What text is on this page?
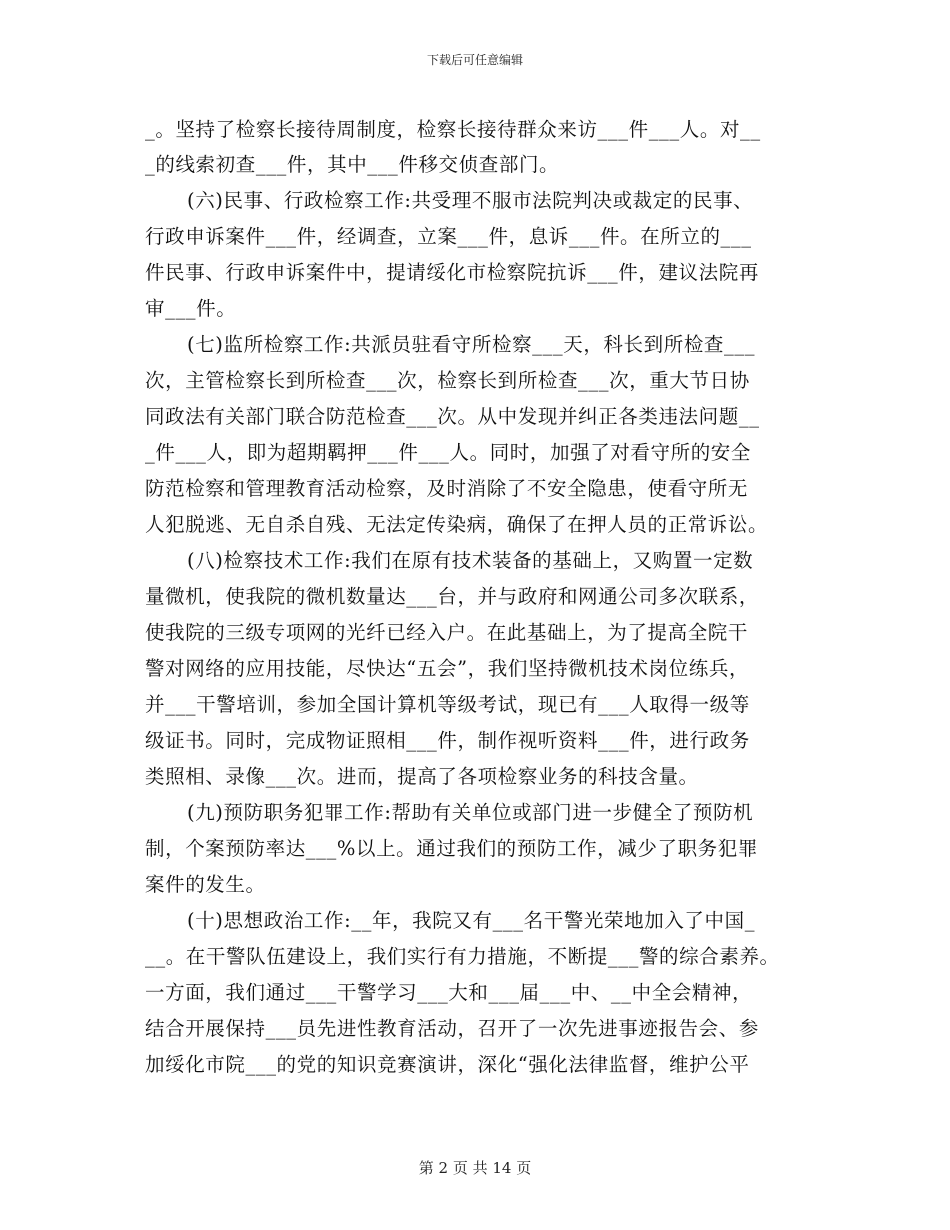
下载后可任意编辑
_。坚持了检察长接待周制度，检察长接待群众来访___件___人。对__
_的线索初查___件，其中___件移交侦查部门。
(六)民事、行政检察工作:共受理不服市法院判决或裁定的民事、
行政申诉案件___件，经调查，立案___件，息诉___件。在所立的___
件民事、行政申诉案件中，提请绥化市检察院抗诉___件，建议法院再
审___件。
(七)监所检察工作:共派员驻看守所检察___天，科长到所检查___
次，主管检察长到所检查___次，检察长到所检查___次，重大节日协
同政法有关部门联合防范检查___次。从中发现并纠正各类违法问题__
_件___人，即为超期羁押___件___人。同时，加强了对看守所的安全
防范检察和管理教育活动检察，及时消除了不安全隐患，使看守所无
人犯脱逃、无自杀自残、无法定传染病，确保了在押人员的正常诉讼。
(八)检察技术工作:我们在原有技术装备的基础上，又购置一定数
量微机，使我院的微机数量达___台，并与政府和网通公司多次联系，
使我院的三级专项网的光纤已经入户。在此基础上，为了提高全院干
警对网络的应用技能，尽快达“五会”，我们坚持微机技术岗位练兵，
并___干警培训，参加全国计算机等级考试，现已有___人取得一级等
级证书。同时，完成物证照相___件，制作视听资料___件，进行政务
类照相、录像___次。进而，提高了各项检察业务的科技含量。
(九)预防职务犯罪工作:帮助有关单位或部门进一步健全了预防机
制，个案预防率达___%以上。通过我们的预防工作，减少了职务犯罪
案件的发生。
(十)思想政治工作:__年，我院又有___名干警光荣地加入了中国_
__。在干警队伍建设上，我们实行有力措施，不断提___警的综合素养。
一方面，我们通过___干警学习___大和___届___中、__中全会精神，
结合开展保持___员先进性教育活动，召开了一次先进事迹报告会、参
加绥化市院___的党的知识竞赛演讲，深化“强化法律监督，维护公平
第 2 页 共 14 页
